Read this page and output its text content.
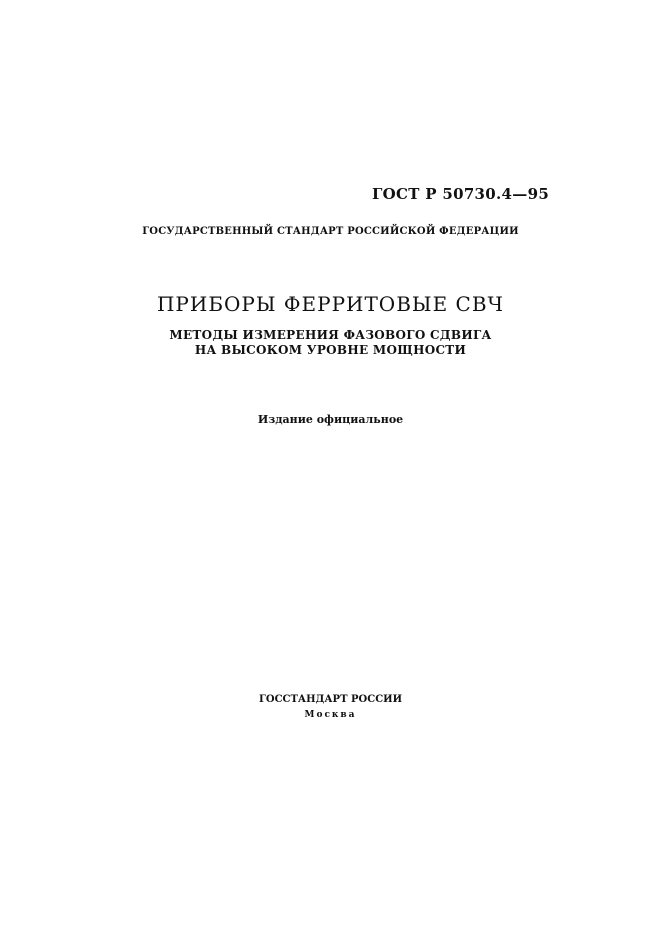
ГОСТ Р 50730.4—95
ГОСУДАРСТВЕННЫЙ СТАНДАРТ РОССИЙСКОЙ ФЕДЕРАЦИИ
ПРИБОРЫ ФЕРРИТОВЫЕ СВЧ
МЕТОДЫ ИЗМЕРЕНИЯ ФАЗОВОГО СДВИГА
НА ВЫСОКОМ УРОВНЕ МОЩНОСТИ
Издание официальное
ГОССТАНДАРТ РОССИИ
Москва
